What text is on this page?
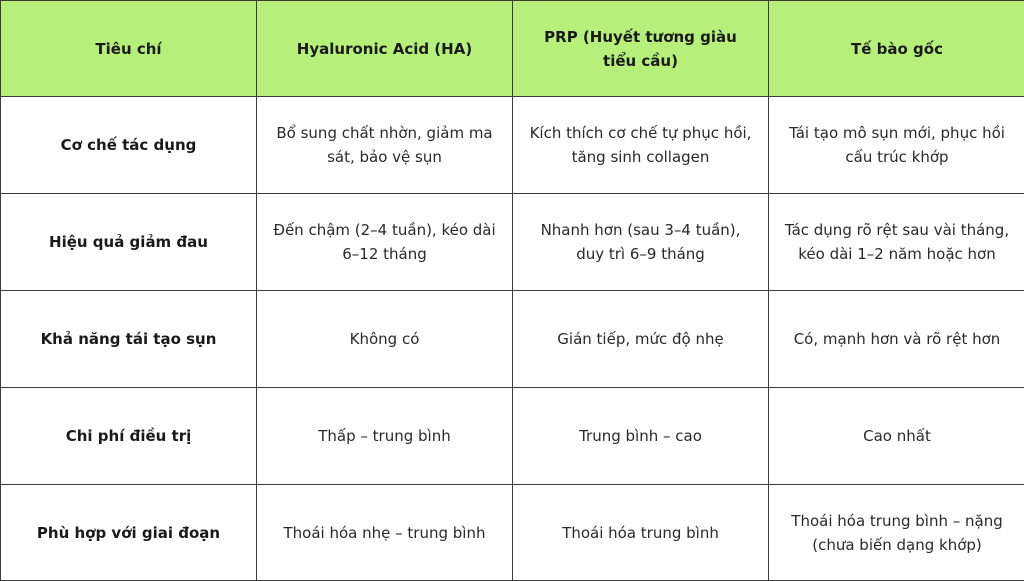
Tiêu chí	Hyaluronic Acid (HA)	PRP (Huyết tương giàu tiểu cầu)	Tế bào gốc
Cơ chế tác dụng	Bổ sung chất nhờn, giảm ma sát, bảo vệ sụn	Kích thích cơ chế tự phục hồi, tăng sinh collagen	Tái tạo mô sụn mới, phục hồi cấu trúc khớp
Hiệu quả giảm đau	Đến chậm (2–4 tuần), kéo dài 6–12 tháng	Nhanh hơn (sau 3–4 tuần), duy trì 6–9 tháng	Tác dụng rõ rệt sau vài tháng, kéo dài 1–2 năm hoặc hơn
Khả năng tái tạo sụn	Không có	Gián tiếp, mức độ nhẹ	Có, mạnh hơn và rõ rệt hơn
Chi phí điều trị	Thấp – trung bình	Trung bình – cao	Cao nhất
Phù hợp với giai đoạn	Thoái hóa nhẹ – trung bình	Thoái hóa trung bình	Thoái hóa trung bình – nặng (chưa biến dạng khớp)
